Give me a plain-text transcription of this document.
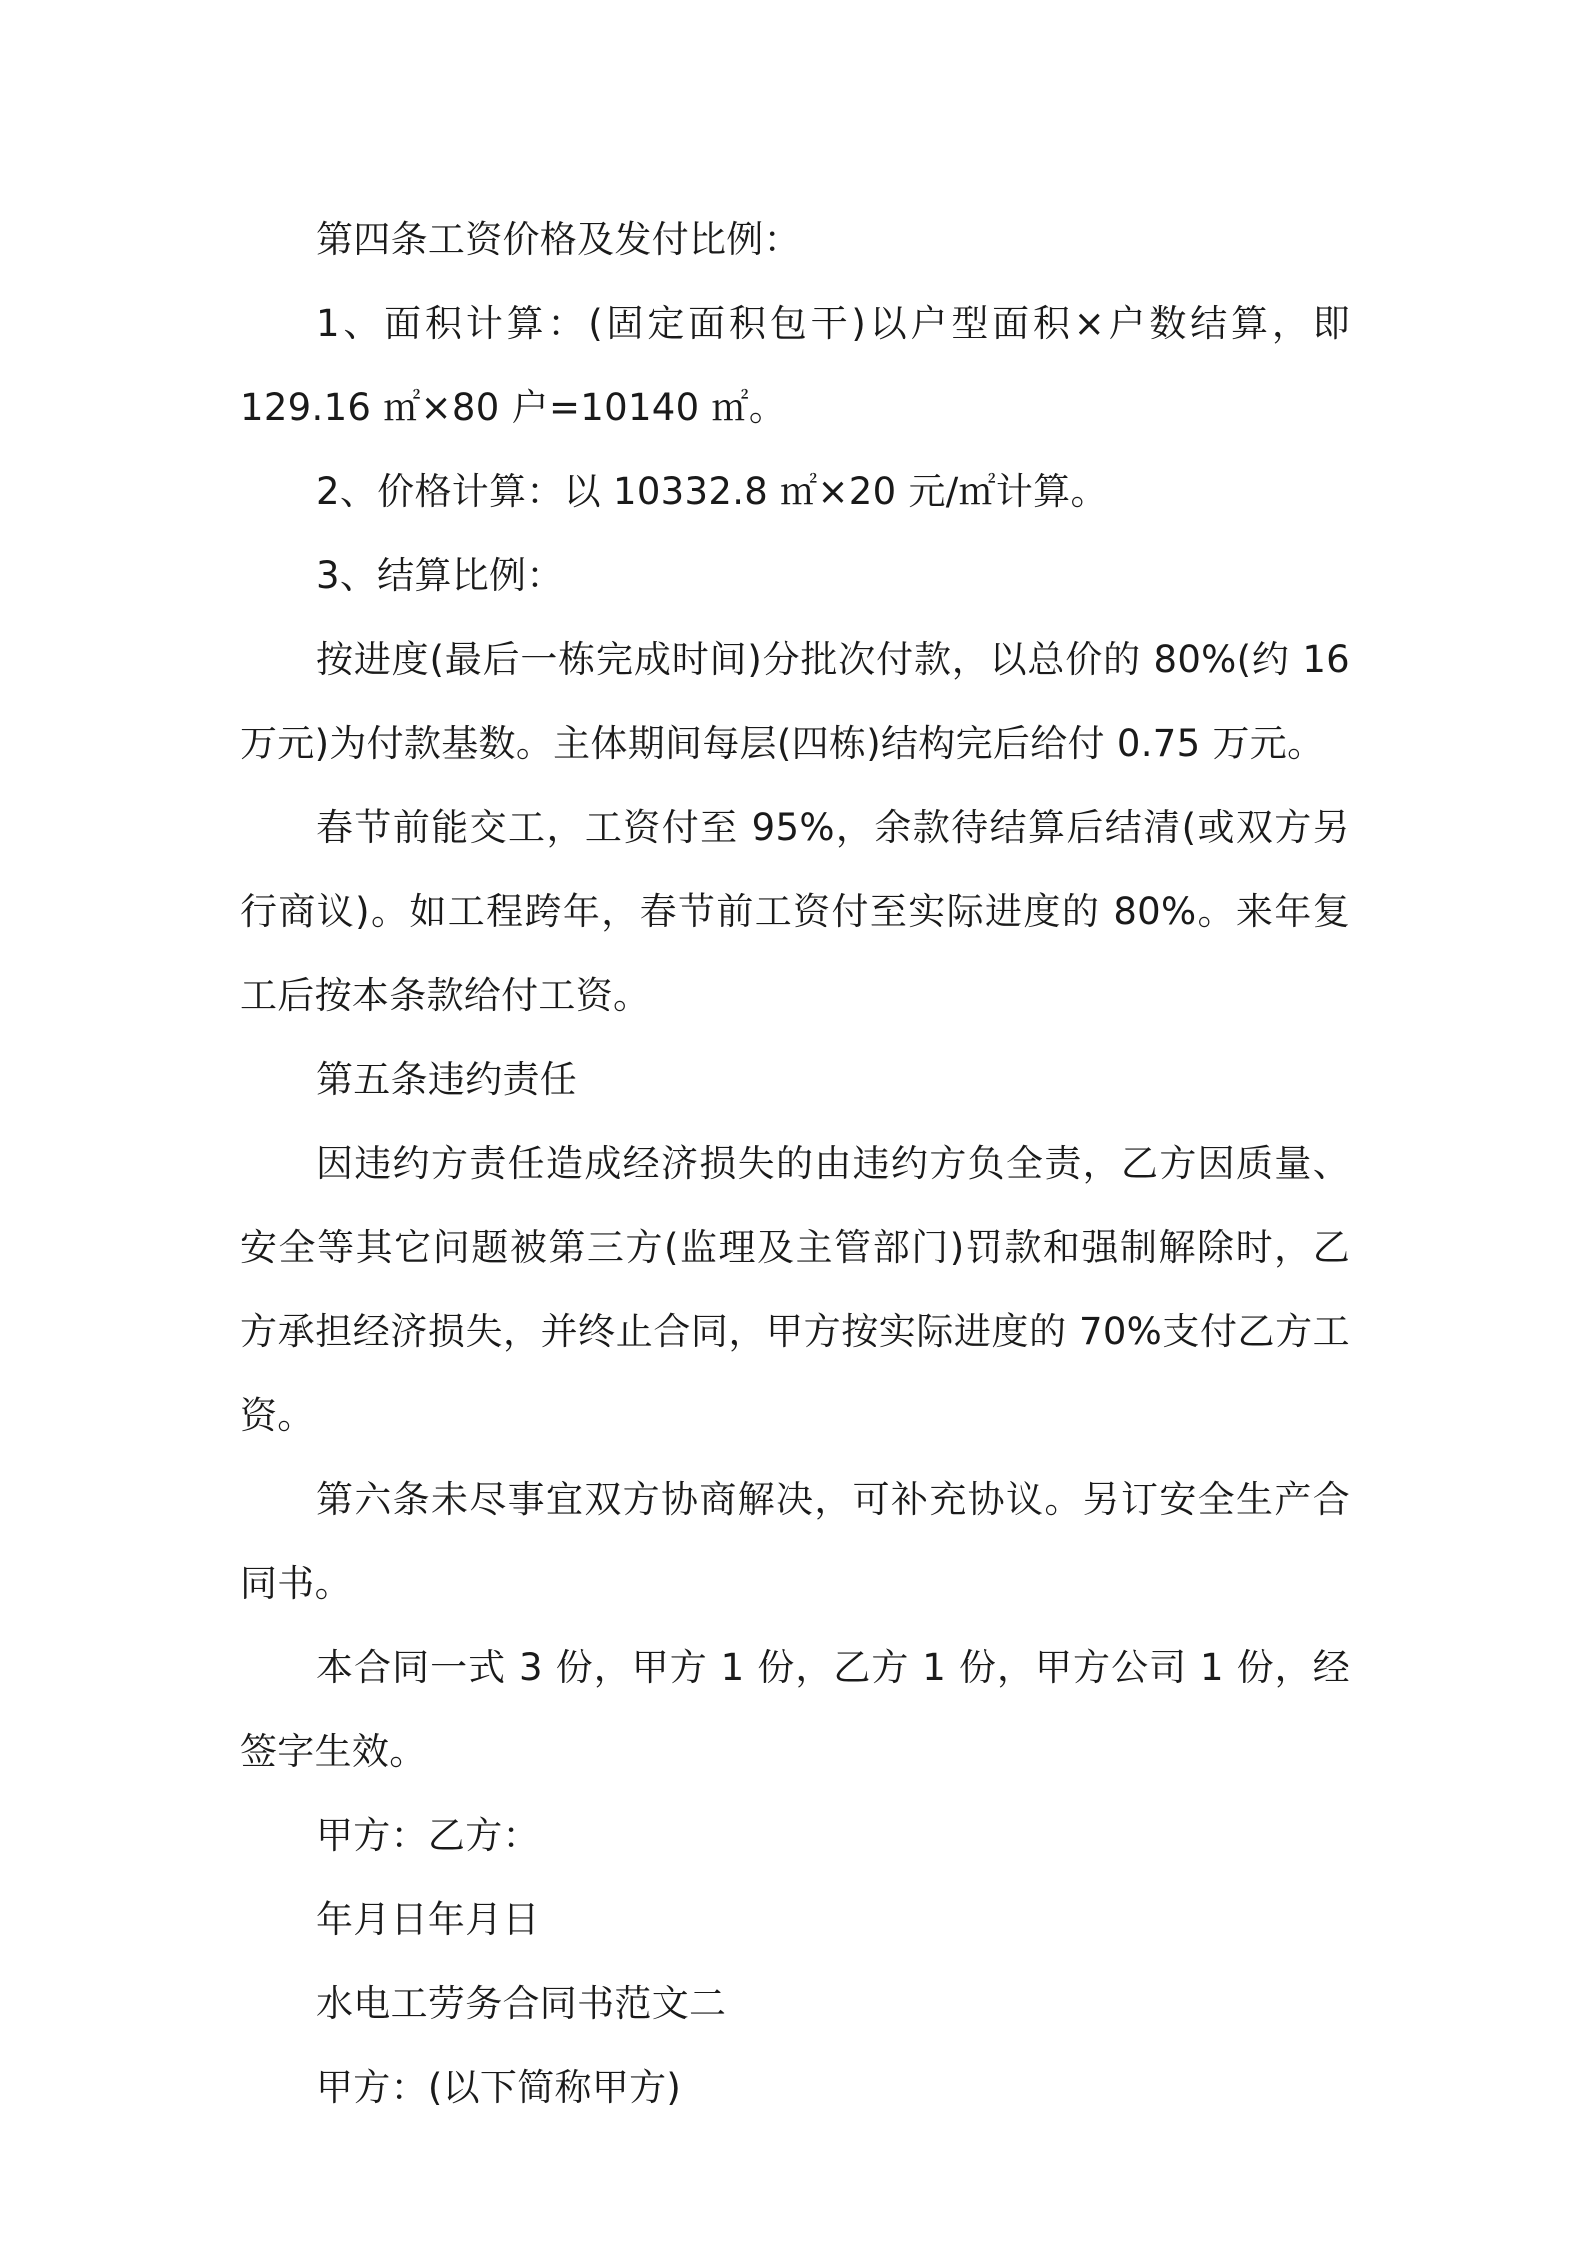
第四条工资价格及发付比例：

1、面积计算：(固定面积包干)以户型面积×户数结算，即 129.16 ㎡×80 户=10140 ㎡。

2、价格计算：以 10332.8 ㎡×20 元/㎡计算。

3、结算比例：

按进度(最后一栋完成时间)分批次付款，以总价的 80%(约 16 万元)为付款基数。主体期间每层(四栋)结构完后给付 0.75 万元。

春节前能交工，工资付至 95%，余款待结算后结清(或双方另行商议)。如工程跨年，春节前工资付至实际进度的 80%。来年复工后按本条款给付工资。

第五条违约责任

因违约方责任造成经济损失的由违约方负全责，乙方因质量、安全等其它问题被第三方(监理及主管部门)罚款和强制解除时，乙方承担经济损失，并终止合同，甲方按实际进度的 70%支付乙方工资。

第六条未尽事宜双方协商解决，可补充协议。另订安全生产合同书。

本合同一式 3 份，甲方 1 份，乙方 1 份，甲方公司 1 份，经签字生效。

甲方：乙方：

年月日年月日

水电工劳务合同书范文二

甲方：(以下简称甲方)
